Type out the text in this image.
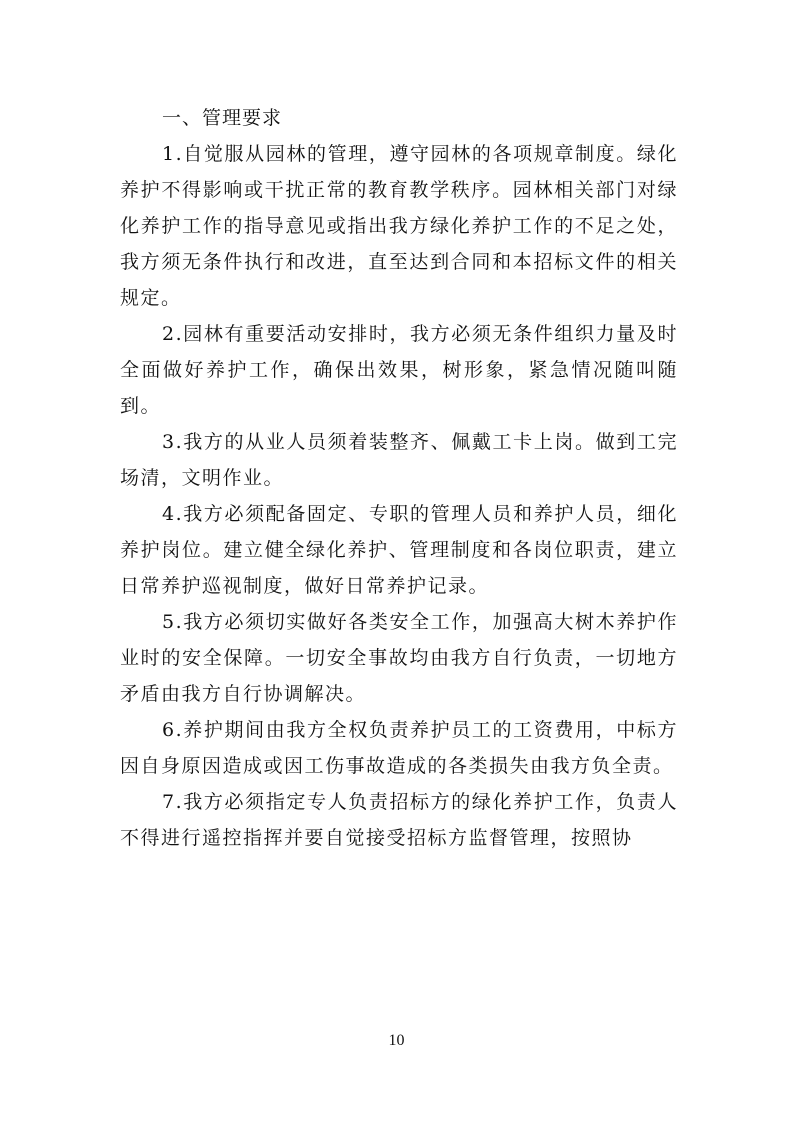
一、管理要求

1.自觉服从园林的管理，遵守园林的各项规章制度。绿化养护不得影响或干扰正常的教育教学秩序。园林相关部门对绿化养护工作的指导意见或指出我方绿化养护工作的不足之处，我方须无条件执行和改进，直至达到合同和本招标文件的相关规定。

2.园林有重要活动安排时，我方必须无条件组织力量及时全面做好养护工作，确保出效果，树形象，紧急情况随叫随到。

3.我方的从业人员须着装整齐、佩戴工卡上岗。做到工完场清，文明作业。

4.我方必须配备固定、专职的管理人员和养护人员，细化养护岗位。建立健全绿化养护、管理制度和各岗位职责，建立日常养护巡视制度，做好日常养护记录。

5.我方必须切实做好各类安全工作，加强高大树木养护作业时的安全保障。一切安全事故均由我方自行负责，一切地方矛盾由我方自行协调解决。

6.养护期间由我方全权负责养护员工的工资费用，中标方因自身原因造成或因工伤事故造成的各类损失由我方负全责。

7.我方必须指定专人负责招标方的绿化养护工作，负责人不得进行遥控指挥并要自觉接受招标方监督管理，按照协

10
